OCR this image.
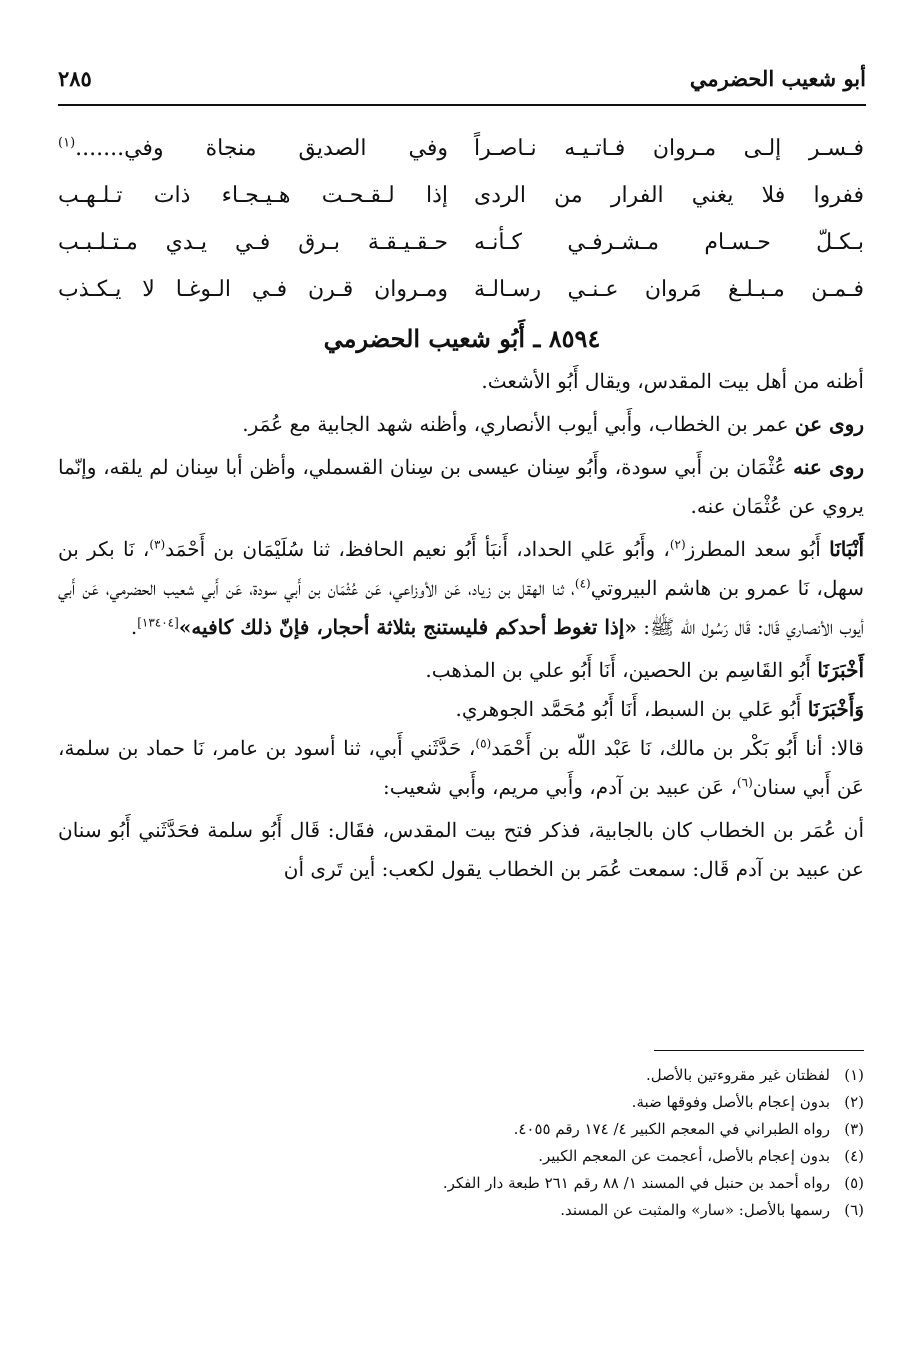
أبو شعيب الحضرمي
٢٨٥
فـسـر إلـى مـروان فـاتـيـه نـاصـراً
وفي الصديق منجاة وفي.......$^{(١)}$
ففروا فلا يغني الفرار من الردى
إذا لـقـحـت هـيـجـاء ذات تـلـهـب
بـكـلّ حـسـام مـشـرفـي كـأنـه
حـقـيـقـة بـرق فـي يـدي مـتـلـبـب
فـمـن مـبـلـغ مَروان عـنـي رسـالـة
ومـروان قـرن فـي الـوغـا لا يـكـذب
٨٥٩٤ ـ أَبُو شعيب الحضرمي

أظنه من أهل بيت المقدس، ويقال أَبُو الأشعث.

روى عن عمر بن الخطاب، وأَبي أيوب الأنصاري، وأظنه شهد الجابية مع عُمَر.

روى عنه عُثْمَان بن أَبي سودة، وأَبُو سِنان عيسى بن سِنان القسملي، وأظن أبا سِنان لم يلقه، وإنّما يروي عن عُثْمَان عنه.

أَنْبَانَا أَبُو سعد المطرز$^{(٢)}$، وأَبُو عَلي الحداد، أَنبَأ أَبُو نعيم الحافظ، ثنا سُلَيْمَان بن أَحْمَد$^{(٣)}$، نَا بكر بن سهل، نَا عمرو بن هاشم البيروتي$^{(٤)}$، ثنا الهقل بن زياد، عَن الأوزاعي، عَن عُثْمَان بن أَبي سودة، عَن أَبي شعيب الحضرمي، عَن أَبي أيوب الأنصاري قَال: قَال رَسُول الله ﷺ: «إذا تغوط أحدكم فليستنج بثلاثة أحجار، فإنّ ذلك كافيه»[١٣٤٠٤].

أَخْبَرَنَا أَبُو القَاسِم بن الحصين، أَنَا أَبُو علي بن المذهب.

وَأَخْبَرَنَا أَبُو عَلي بن السبط، أَنَا أَبُو مُحَمَّد الجوهري.

قالا: أنا أَبُو بَكْر بن مالك، نَا عَبْد اللّه بن أَحْمَد$^{(٥)}$، حَدَّثَني أَبي، ثنا أسود بن عامر، نَا حماد بن سلمة، عَن أَبي سنان$^{(٦)}$، عَن عبيد بن آدم، وأَبي مريم، وأَبي شعيب:

أن عُمَر بن الخطاب كان بالجابية، فذكر فتح بيت المقدس، فقَال: قَال أَبُو سلمة فحَدَّثَني أَبُو سنان عن عبيد بن آدم قَال: سمعت عُمَر بن الخطاب يقول لكعب: أين تَرى أن

(١)لفظتان غير مقروءتين بالأصل.
(٢)بدون إعجام بالأصل وفوقها ضبة.
(٣)رواه الطبراني في المعجم الكبير ٤/ ١٧٤ رقم ٤٠٥٥.
(٤)بدون إعجام بالأصل، أعجمت عن المعجم الكبير.
(٥)رواه أحمد بن حنبل في المسند ١/ ٨٨ رقم ٢٦١ طبعة دار الفكر.
(٦)رسمها بالأصل: «سار» والمثبت عن المسند.
